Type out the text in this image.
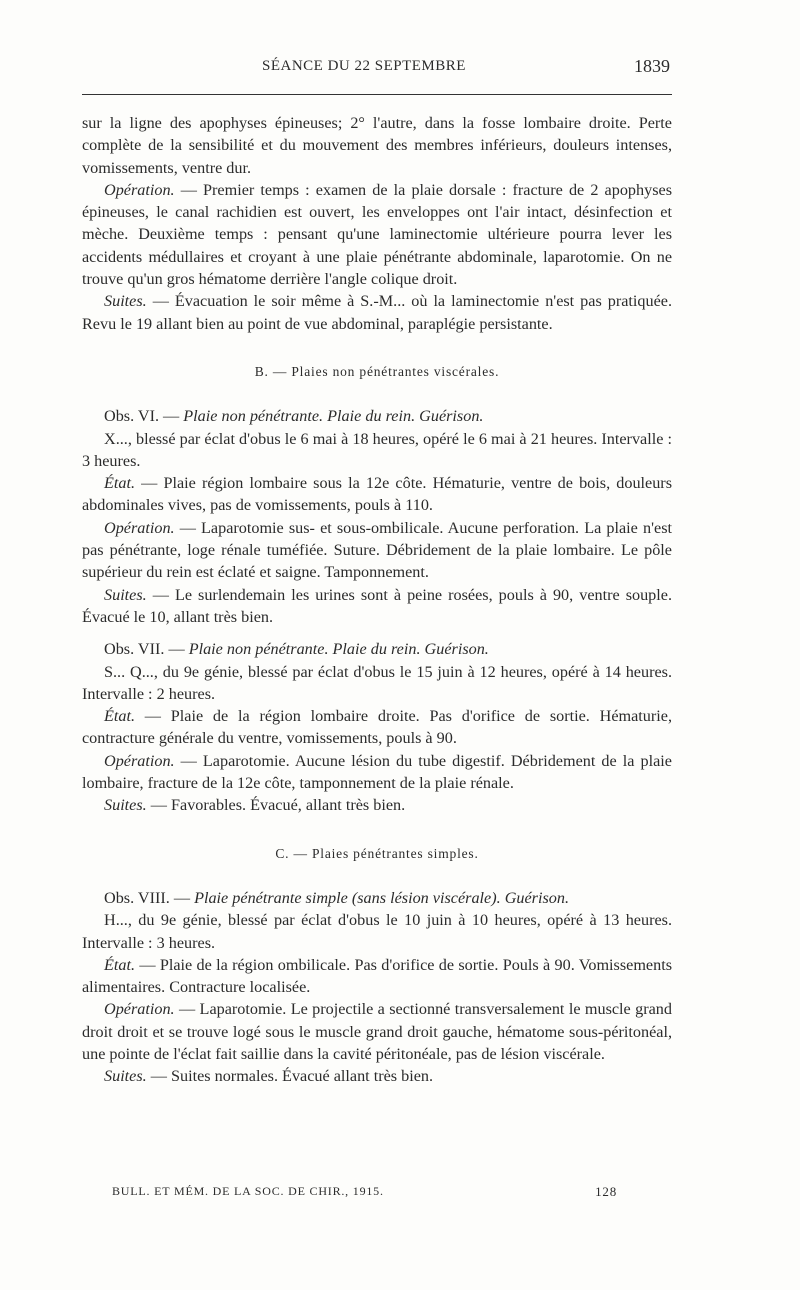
SÉANCE DU 22 SEPTEMBRE	1839

sur la ligne des apophyses épineuses; 2° l'autre, dans la fosse lombaire droite. Perte complète de la sensibilité et du mouvement des membres inférieurs, douleurs intenses, vomissements, ventre dur.

Opération. — Premier temps : examen de la plaie dorsale : fracture de 2 apophyses épineuses, le canal rachidien est ouvert, les enveloppes ont l'air intact, désinfection et mèche. Deuxième temps : pensant qu'une laminectomie ultérieure pourra lever les accidents médullaires et croyant à une plaie pénétrante abdominale, laparotomie. On ne trouve qu'un gros hématome derrière l'angle colique droit.

Suites. — Évacuation le soir même à S.-M... où la laminectomie n'est pas pratiquée. Revu le 19 allant bien au point de vue abdominal, paraplégie persistante.

B. — Plaies non pénétrantes viscérales.

Obs. VI. — Plaie non pénétrante. Plaie du rein. Guérison.

X..., blessé par éclat d'obus le 6 mai à 18 heures, opéré le 6 mai à 21 heures. Intervalle : 3 heures.

État. — Plaie région lombaire sous la 12e côte. Hématurie, ventre de bois, douleurs abdominales vives, pas de vomissements, pouls à 110.

Opération. — Laparotomie sus- et sous-ombilicale. Aucune perforation. La plaie n'est pas pénétrante, loge rénale tuméfiée. Suture. Débridement de la plaie lombaire. Le pôle supérieur du rein est éclaté et saigne. Tamponnement.

Suites. — Le surlendemain les urines sont à peine rosées, pouls à 90, ventre souple. Évacué le 10, allant très bien.

Obs. VII. — Plaie non pénétrante. Plaie du rein. Guérison.

S... Q..., du 9e génie, blessé par éclat d'obus le 15 juin à 12 heures, opéré à 14 heures. Intervalle : 2 heures.

État. — Plaie de la région lombaire droite. Pas d'orifice de sortie. Hématurie, contracture générale du ventre, vomissements, pouls à 90.

Opération. — Laparotomie. Aucune lésion du tube digestif. Débridement de la plaie lombaire, fracture de la 12e côte, tamponnement de la plaie rénale.

Suites. — Favorables. Évacué, allant très bien.

C. — Plaies pénétrantes simples.

Obs. VIII. — Plaie pénétrante simple (sans lésion viscérale). Guérison.

H..., du 9e génie, blessé par éclat d'obus le 10 juin à 10 heures, opéré à 13 heures. Intervalle : 3 heures.

État. — Plaie de la région ombilicale. Pas d'orifice de sortie. Pouls à 90. Vomissements alimentaires. Contracture localisée.

Opération. — Laparotomie. Le projectile a sectionné transversalement le muscle grand droit droit et se trouve logé sous le muscle grand droit gauche, hématome sous-péritonéal, une pointe de l'éclat fait saillie dans la cavité péritonéale, pas de lésion viscérale.

Suites. — Suites normales. Évacué allant très bien.

BULL. ET MÉM. DE LA SOC. DE CHIR., 1915.	128
